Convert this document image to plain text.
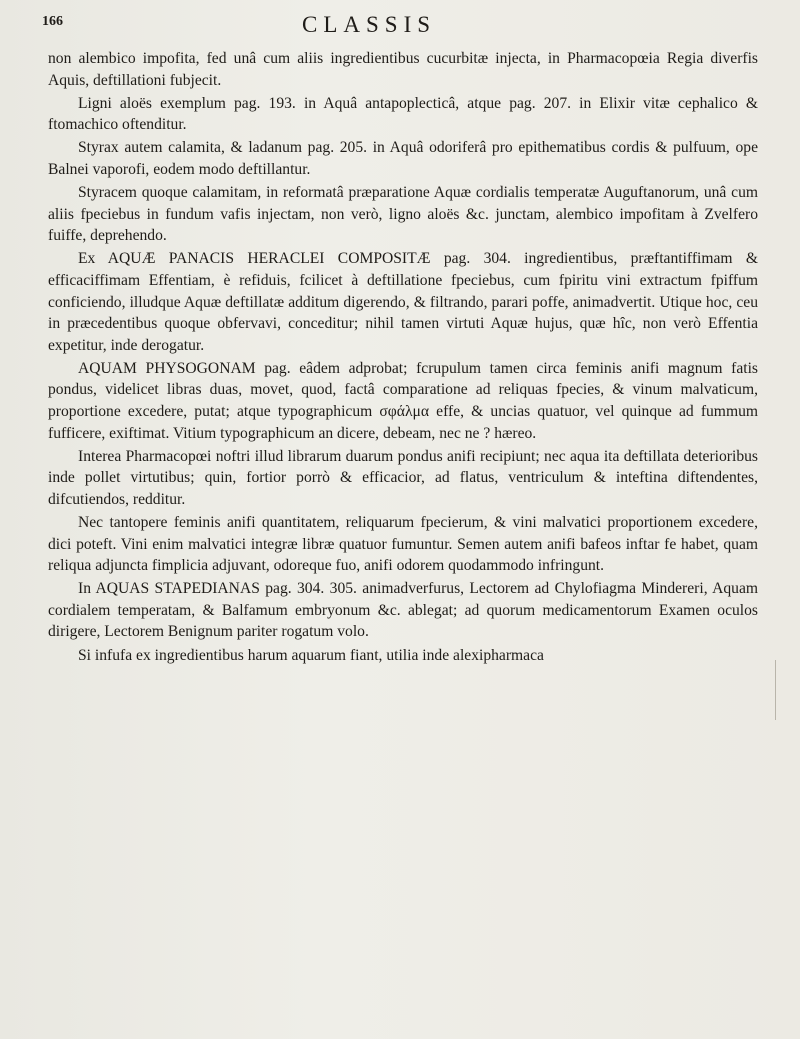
166	CLASSIS

non alembico impofita, fed unâ cum aliis ingredientibus cucurbitæ injecta, in Pharmacopœia Regia diverfis Aquis, deftillationi fubjecit.

Ligni aloës exemplum pag. 193. in Aquâ antapoplecticâ, atque pag. 207. in Elixir vitæ cephalico & ftomachico oftenditur.

Styrax autem calamita, & ladanum pag. 205. in Aquâ odoriferâ pro epithematibus cordis & pulfuum, ope Balnei vaporofi, eodem modo deftillantur.

Styracem quoque calamitam, in reformatâ præparatione Aquæ cordialis temperatæ Auguftanorum, unâ cum aliis fpeciebus in fundum vafis injectam, non verò, ligno aloës &c. junctam, alembico impofitam à Zvelfero fuiffe, deprehendo.

Ex AQUÆ PANACIS HERACLEI COMPOSITÆ pag. 304. ingredientibus, præftantiffimam & efficaciffimam Effentiam, è refiduis, fcilicet à deftillatione fpeciebus, cum fpiritu vini extractum fpiffum conficiendo, illudque Aquæ deftillatæ additum digerendo, & filtrando, parari poffe, animadvertit. Utique hoc, ceu in præcedentibus quoque obfervavi, conceditur; nihil tamen virtuti Aquæ hujus, quæ hîc, non verò Effentia expetitur, inde derogatur.

AQUAM PHYSOGONAM pag. eâdem adprobat; fcrupulum tamen circa feminis anifi magnum fatis pondus, videlicet libras duas, movet, quod, factâ comparatione ad reliquas fpecies, & vinum malvaticum, proportione excedere, putat; atque typographicum σφάλμα effe, & uncias quatuor, vel quinque ad fummum fufficere, exiftimat. Vitium typographicum an dicere, debeam, nec ne ? hæreo.

Interea Pharmacopœi noftri illud librarum duarum pondus anifi recipiunt; nec aqua ita deftillata deterioribus inde pollet virtutibus; quin, fortior porrò & efficacior, ad flatus, ventriculum & inteftina diftendentes, difcutiendos, redditur.

Nec tantopere feminis anifi quantitatem, reliquarum fpecierum, & vini malvatici proportionem excedere, dici poteft. Vini enim malvatici integræ libræ quatuor fumuntur. Semen autem anifi bafeos inftar fe habet, quam reliqua adjuncta fimplicia adjuvant, odoreque fuo, anifi odorem quodammodo infringunt.

In AQUAS STAPEDIANAS pag. 304. 305. animadverfurus, Lectorem ad Chylofiagma Mindereri, Aquam cordialem temperatam, & Balfamum embryonum &c. ablegat; ad quorum medicamentorum Examen oculos dirigere, Lectorem Benignum pariter rogatum volo.

Si infufa ex ingredientibus harum aquarum fiant, utilia inde alexipharmaca
